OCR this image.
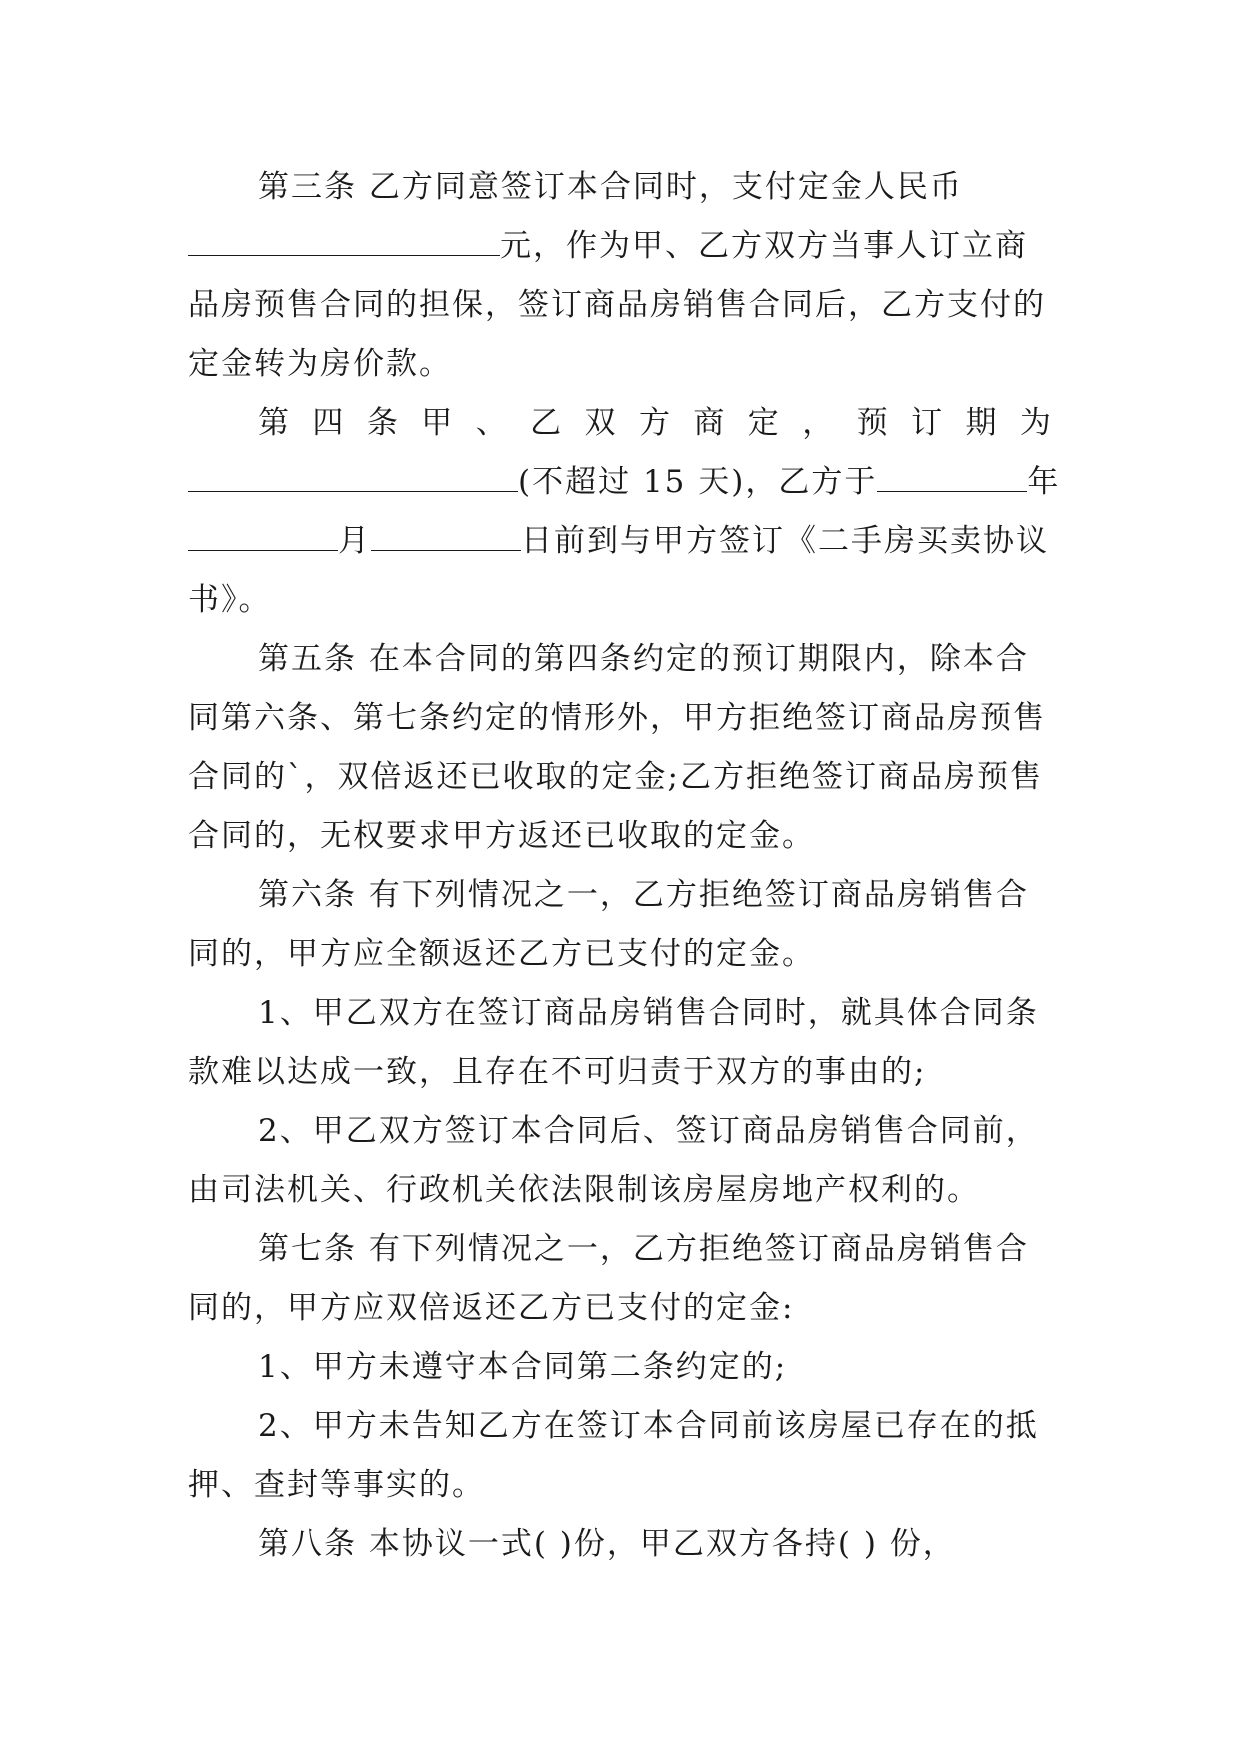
第三条 乙方同意签订本合同时，支付定金人民币
元，作为甲、乙方双方当事人订立商
品房预售合同的担保，签订商品房销售合同后，乙方支付的
定金转为房价款。
第 四 条 甲 、 乙 双 方 商 定 ， 预 订 期 为
(不超过 15 天)，乙方于	年
月	日前到与甲方签订《二手房买卖协议
书》。
第五条 在本合同的第四条约定的预订期限内，除本合
同第六条、第七条约定的情形外，甲方拒绝签订商品房预售
合同的`，双倍返还已收取的定金;乙方拒绝签订商品房预售
合同的，无权要求甲方返还已收取的定金。
第六条 有下列情况之一，乙方拒绝签订商品房销售合
同的，甲方应全额返还乙方已支付的定金。
1、甲乙双方在签订商品房销售合同时，就具体合同条
款难以达成一致，且存在不可归责于双方的事由的;
2、甲乙双方签订本合同后、签订商品房销售合同前，
由司法机关、行政机关依法限制该房屋房地产权利的。
第七条 有下列情况之一，乙方拒绝签订商品房销售合
同的，甲方应双倍返还乙方已支付的定金:
1、甲方未遵守本合同第二条约定的;
2、甲方未告知乙方在签订本合同前该房屋已存在的抵
押、查封等事实的。
第八条 本协议一式( )份，甲乙双方各持( ) 份，
